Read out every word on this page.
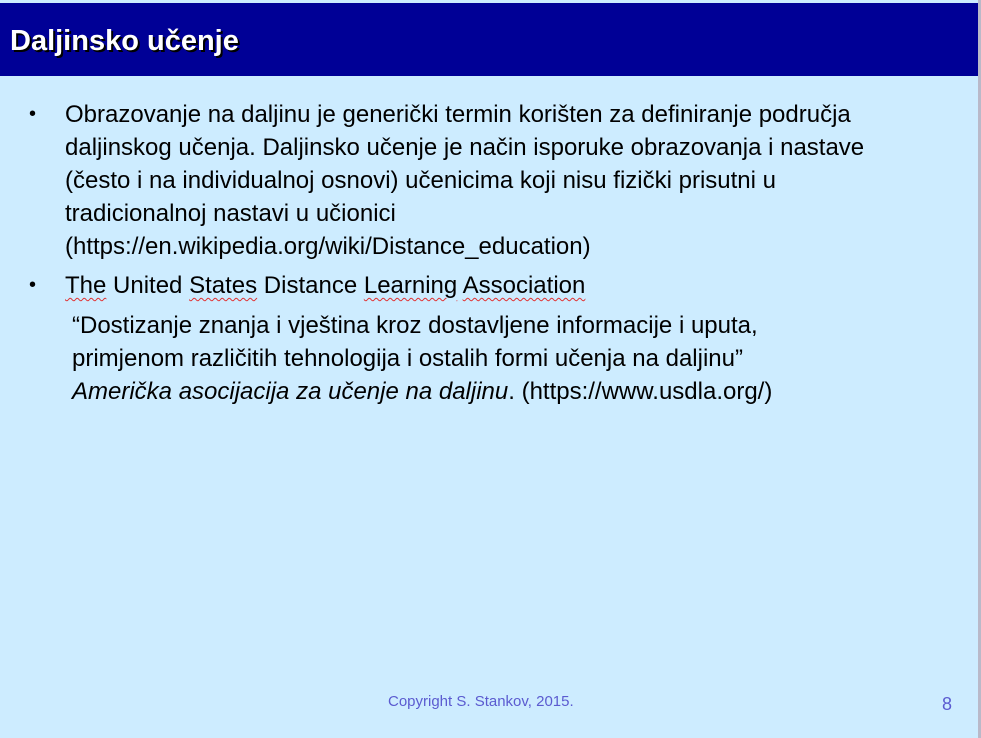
Daljinsko učenje
• Obrazovanje na daljinu je generički termin korišten za definiranje područja daljinskog učenja. Daljinsko učenje je način isporuke obrazovanja i nastave (često i na individualnoj osnovi) učenicima koji nisu fizički prisutni u tradicionalnoj nastavi u učionici (https://en.wikipedia.org/wiki/Distance_education)

• The United States Distance Learning Association

“Dostizanje znanja i vještina kroz dostavljene informacije i uputa,
primjenom različitih tehnologija i ostalih formi učenja na daljinu”
Američka asocijacija za učenje na daljinu. (https://www.usdla.org/)

Copyright S. Stankov, 2015.	8
